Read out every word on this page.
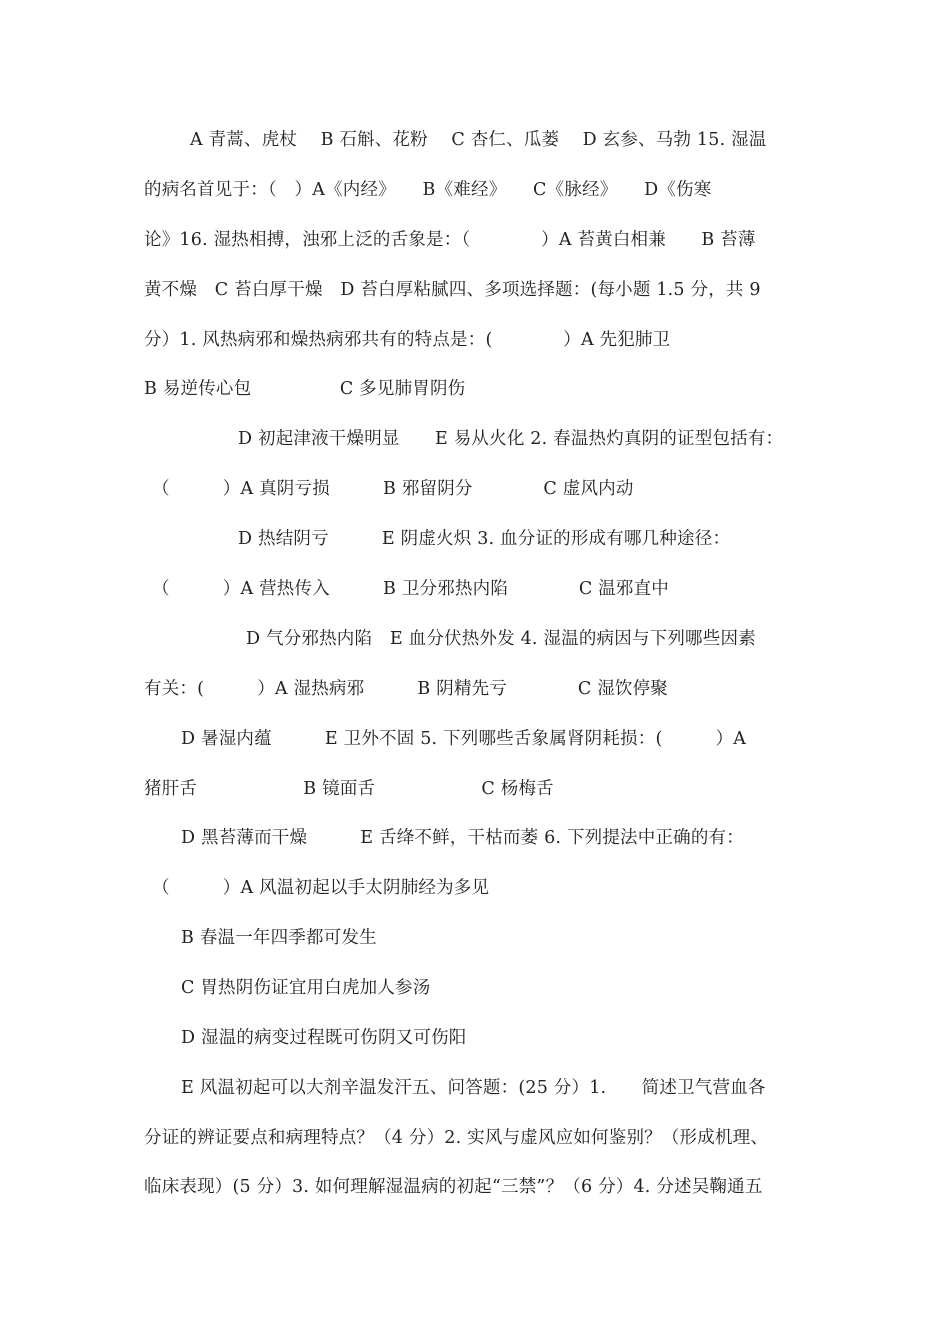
A 青蒿、虎杖　 B 石斛、花粉　 C 杏仁、瓜蒌　 D 玄参、马勃 15. 湿温
的病名首见于：（　）A《内经》　　B《难经》　　C《脉经》　　D《伤寒
论》16. 湿热相搏，浊邪上泛的舌象是：（　　　　）A 苔黄白相兼　　B 苔薄
黄不燥　C 苔白厚干燥　D 苔白厚粘腻四、多项选择题：(每小题 1.5 分，共 9
分）1. 风热病邪和燥热病邪共有的特点是：(　　　　）A 先犯肺卫
B 易逆传心包　　　　　C 多见肺胃阴伤
D 初起津液干燥明显　　E 易从火化 2. 春温热灼真阴的证型包括有：
（　　　）A 真阴亏损　　　B 邪留阴分　　　　C 虚风内动
D 热结阴亏　　　E 阴虚火炽 3. 血分证的形成有哪几种途径：
（　　　）A 营热传入　　　B 卫分邪热内陷　　　　C 温邪直中
D 气分邪热内陷　E 血分伏热外发 4. 湿温的病因与下列哪些因素
有关：(　　　）A 湿热病邪　　　B 阴精先亏　　　　C 湿饮停聚
D 暑湿内蕴　　　E 卫外不固 5. 下列哪些舌象属肾阴耗损：(　　　）A
猪肝舌　　　　　　B 镜面舌　　　　　　C 杨梅舌
D 黑苔薄而干燥　　　E 舌绛不鲜，干枯而萎 6. 下列提法中正确的有：
（　　　）A 风温初起以手太阴肺经为多见
B 春温一年四季都可发生
C 胃热阴伤证宜用白虎加人参汤
D 湿温的病变过程既可伤阴又可伤阳
E 风温初起可以大剂辛温发汗五、问答题：(25 分）1.　　简述卫气营血各
分证的辨证要点和病理特点？（4 分）2. 实风与虚风应如何鉴别？（形成机理、
临床表现）(5 分）3. 如何理解湿温病的初起“三禁”？（6 分）4. 分述吴鞠通五
